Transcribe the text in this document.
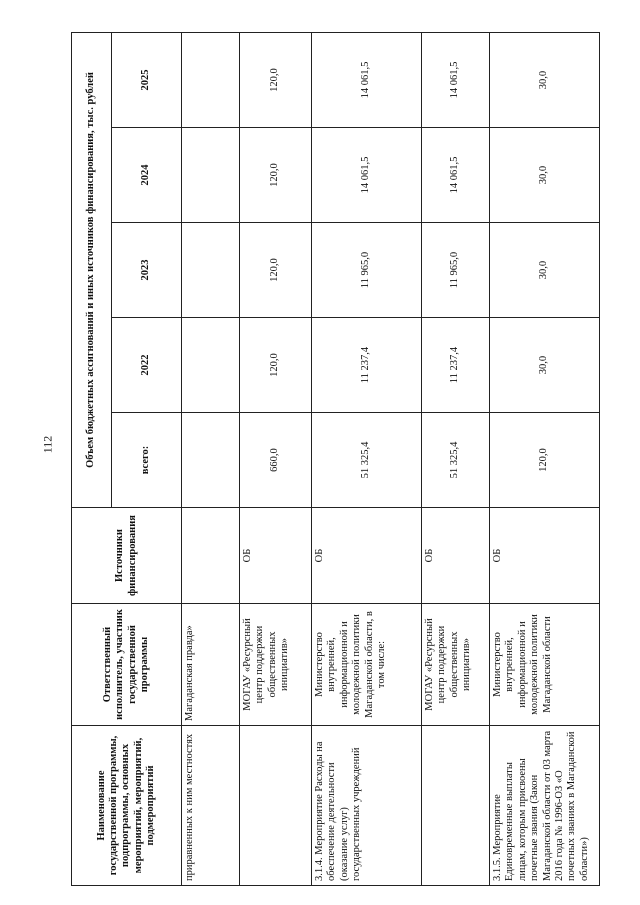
112
Наименование государственной программы, подпрограммы, основных мероприятий, мероприятий, подмероприятий	Ответственный исполнитель, участник государственной программы	Источники финансирования	Объем бюджетных ассигнований и иных источников финансирования, тыс. рублей				
			всего:	2022	2023	2024	2025
приравненных к ним местностях	Магаданская правда»						
	МОГАУ «Ресурсный центр поддержки общественных инициатив»	ОБ	660,0	120,0	120,0	120,0	120,0
3.1.4. Мероприятие Расходы на обеспечение деятельности (оказание услуг) государственных учреждений	Министерство внутренней, информационной и молодежной политики Магаданской области, в том числе:	ОБ	51 325,4	11 237,4	11 965,0	14 061,5	14 061,5
	МОГАУ «Ресурсный центр поддержки общественных инициатив»	ОБ	51 325,4	11 237,4	11 965,0	14 061,5	14 061,5
3.1.5. Мероприятие Единовременные выплаты лицам, которым присвоены почетные звания (Закон Магаданской области от 03 марта 2016 года № 1996-ОЗ «О почетных званиях в Магаданской области»)	Министерство внутренней, информационной и молодежной политики Магаданской области	ОБ	120,0	30,0	30,0	30,0	30,0
